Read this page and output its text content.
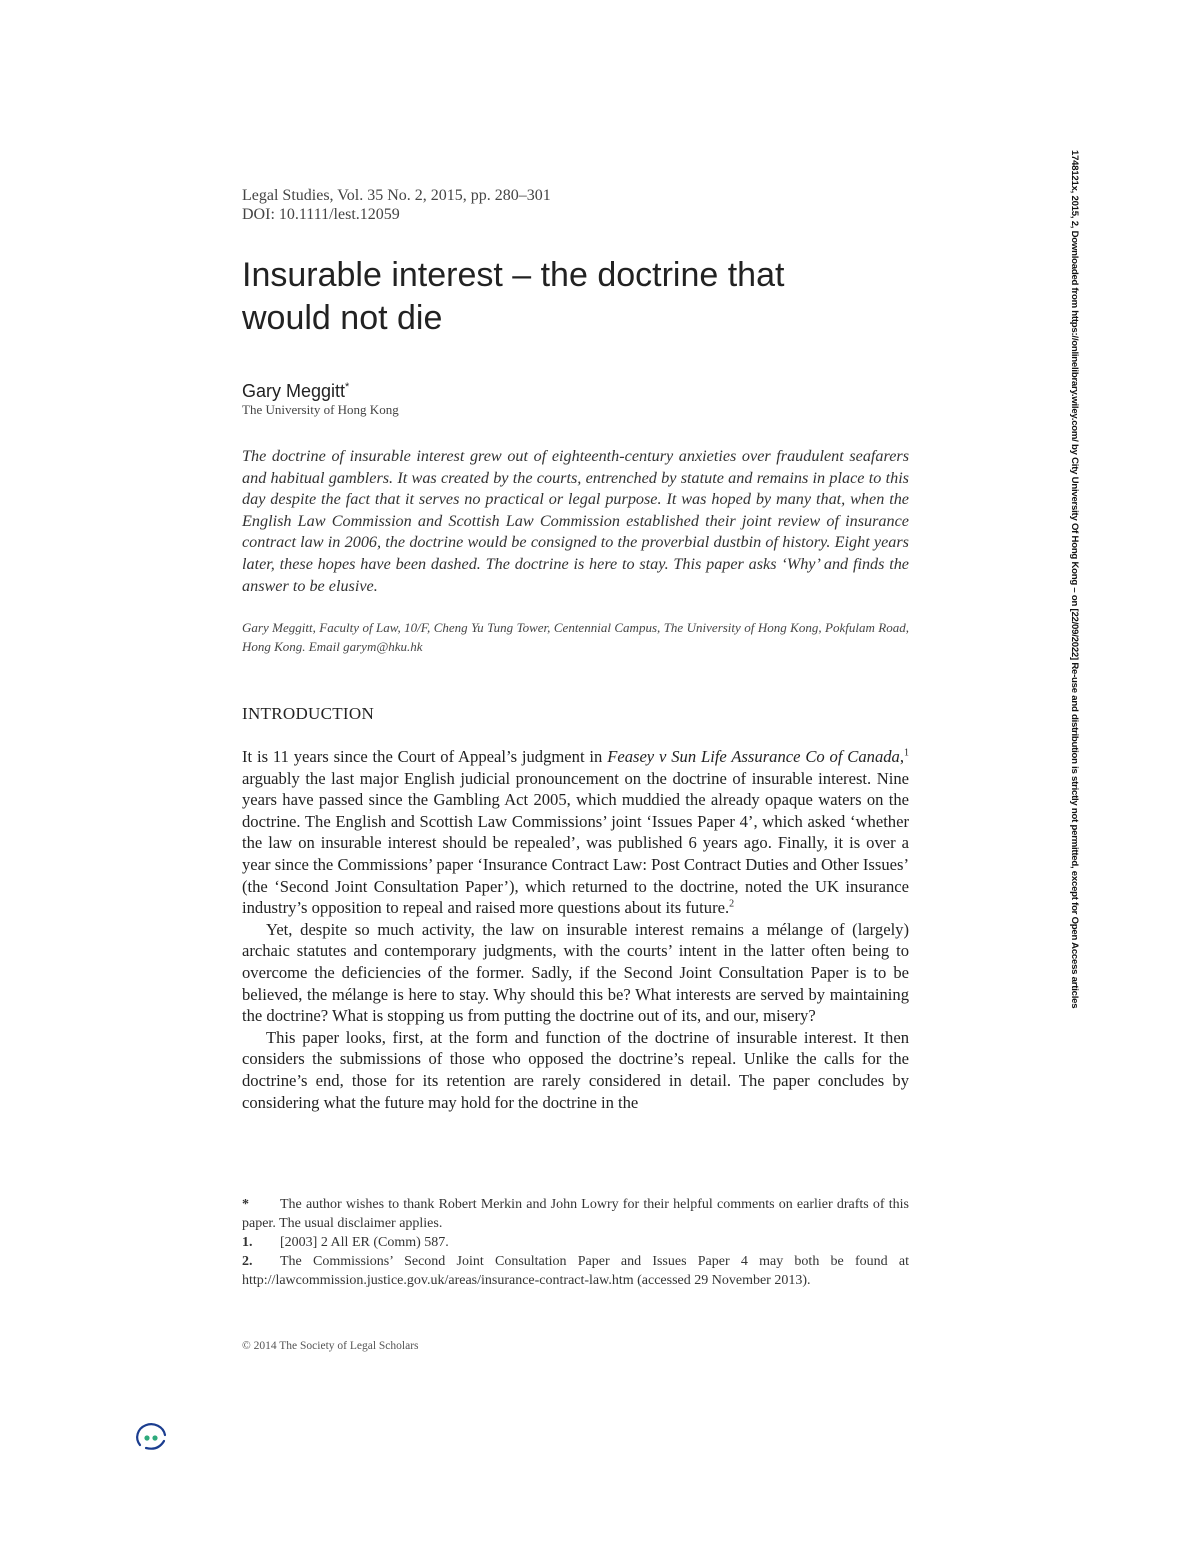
Legal Studies, Vol. 35 No. 2, 2015, pp. 280–301
DOI: 10.1111/lest.12059
Insurable interest – the doctrine that would not die
Gary Meggitt*
The University of Hong Kong

The doctrine of insurable interest grew out of eighteenth-century anxieties over fraudulent seafarers and habitual gamblers. It was created by the courts, entrenched by statute and remains in place to this day despite the fact that it serves no practical or legal purpose. It was hoped by many that, when the English Law Commission and Scottish Law Commission established their joint review of insurance contract law in 2006, the doctrine would be consigned to the proverbial dustbin of history. Eight years later, these hopes have been dashed. The doctrine is here to stay. This paper asks ‘Why’ and finds the answer to be elusive.

Gary Meggitt, Faculty of Law, 10/F, Cheng Yu Tung Tower, Centennial Campus, The University of Hong Kong, Pokfulam Road, Hong Kong. Email garym@hku.hk

INTRODUCTION

It is 11 years since the Court of Appeal’s judgment in Feasey v Sun Life Assurance Co of Canada,$^1$ arguably the last major English judicial pronouncement on the doctrine of insurable interest. Nine years have passed since the Gambling Act 2005, which muddied the already opaque waters on the doctrine. The English and Scottish Law Commissions’ joint ‘Issues Paper 4’, which asked ‘whether the law on insurable interest should be repealed’, was published 6 years ago. Finally, it is over a year since the Commissions’ paper ‘Insurance Contract Law: Post Contract Duties and Other Issues’ (the ‘Second Joint Consultation Paper’), which returned to the doctrine, noted the UK insurance industry’s opposition to repeal and raised more questions about its future.$^2$

Yet, despite so much activity, the law on insurable interest remains a mélange of (largely) archaic statutes and contemporary judgments, with the courts’ intent in the latter often being to overcome the deficiencies of the former. Sadly, if the Second Joint Consultation Paper is to be believed, the mélange is here to stay. Why should this be? What interests are served by maintaining the doctrine? What is stopping us from putting the doctrine out of its, and our, misery?

This paper looks, first, at the form and function of the doctrine of insurable interest. It then considers the submissions of those who opposed the doctrine’s repeal. Unlike the calls for the doctrine’s end, those for its retention are rarely considered in detail. The paper concludes by considering what the future may hold for the doctrine in the

* The author wishes to thank Robert Merkin and John Lowry for their helpful comments on earlier drafts of this paper. The usual disclaimer applies.

1. [2003] 2 All ER (Comm) 587.

2. The Commissions’ Second Joint Consultation Paper and Issues Paper 4 may both be found at http://lawcommission.justice.gov.uk/areas/insurance-contract-law.htm (accessed 29 November 2013).

© 2014 The Society of Legal Scholars
1748121x, 2015, 2, Downloaded from https://onlinelibrary.wiley.com/ by City University Of Hong Kong – on [22/09/2022] Re-use and distribution is strictly not permitted, except for Open Access articles
